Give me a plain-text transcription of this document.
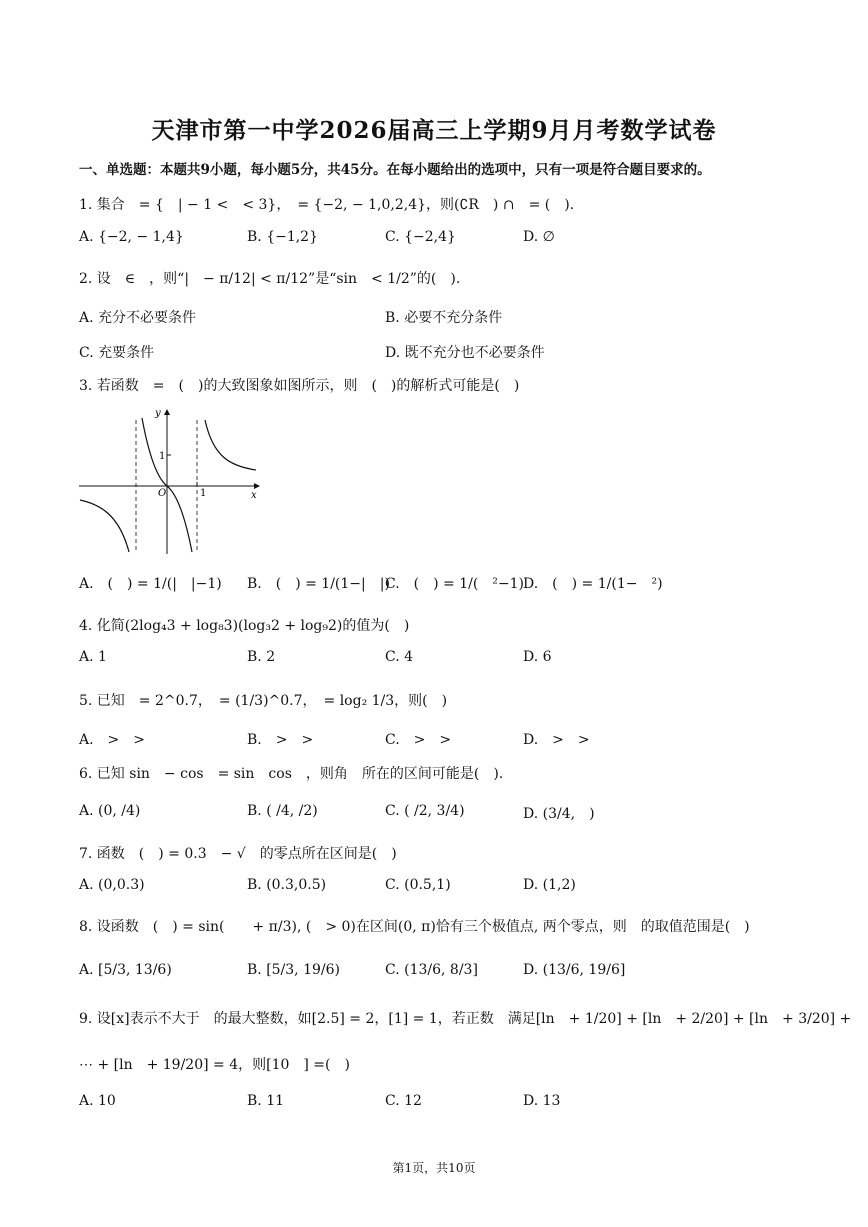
天津市第一中学2026届高三上学期9月月考数学试卷
一、单选题：本题共9小题，每小题5分，共45分。在每小题给出的选项中，只有一项是符合题目要求的。
1. 集合　= {　| − 1 <　< 3}，　= {−2, − 1,0,2,4}，则(∁R　) ∩　= (　).
A. {−2, − 1,4}	B. {−1,2}	C. {−2,4}	D. ∅
2. 设　∈　，则“|　− π/12| < π/12”是“sin　< 1/2”的(　).
A. 充分不必要条件	B. 必要不充分条件
C. 充要条件	D. 既不充分也不必要条件
3. 若函数　=　(　)的大致图象如图所示，则　(　)的解析式可能是(　)
y
x
O	1
1
A.　(　) = 1/(|　|−1) B.　(　) = 1/(1−|　|)
C.　(　) = 1/(　²−1)
D.　(　) = 1/(1−　²)
4. 化简(2log₄3 + log₈3)(log₃2 + log₉2)的值为(　)
A. 1	B. 2	C. 4	D. 6
5. 已知　= 2^0.7，　= (1/3)^0.7，　= log₂ 1/3，则(　)
A.　>　>	B.　>　>	C.　>　>	D.　>　>
6. 已知 sin　− cos　= sin　cos　，则角　所在的区间可能是(　).
A. (0, /4)	B. ( /4, /2)	C. ( /2, 3/4)	D. (3/4,　)
7. 函数　(　) = 0.3　− √　的零点所在区间是(　)
A. (0,0.3)	B. (0.3,0.5)	C. (0.5,1)	D. (1,2)
8. 设函数　(　) = sin(　　+ π/3), (　> 0)在区间(0, π)恰有三个极值点, 两个零点，则　的取值范围是(　)
A. [5/3, 13/6)	B. [5/3, 19/6)	C. (13/6, 8/3]	D. (13/6, 19/6]
9. 设[x]表示不大于　的最大整数，如[2.5] = 2，[1] = 1，若正数　满足[ln　+ 1/20] + [ln　+ 2/20] + [ln　+ 3/20] +
⋯ + [ln　+ 19/20] = 4，则[10　] =(　)
A. 10	B. 11	C. 12	D. 13
第1页，共10页
